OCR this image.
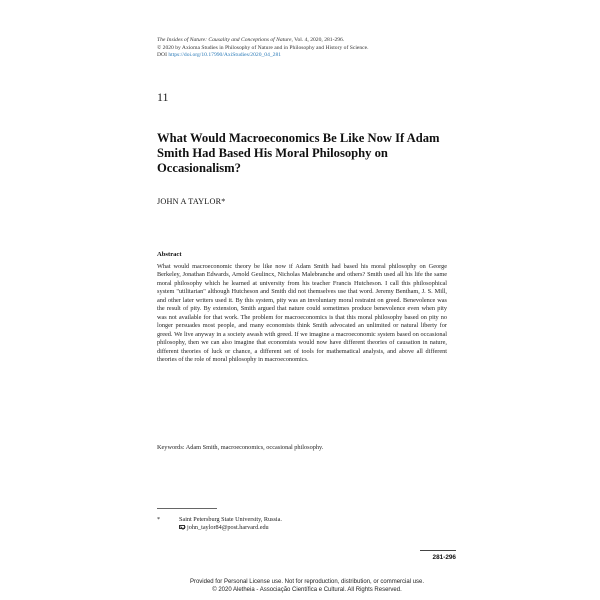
The Insides of Nature: Causality and Conceptions of Nature, Vol. 4, 2020, 281-296.
© 2020 by Axioma Studies in Philosophy of Nature and in Philosophy and History of Science.
DOI https://doi.org/10.17990/AxiStudies/2020_04_281
11
What Would Macroeconomics Be Like Now If Adam Smith Had Based His Moral Philosophy on Occasionalism?
JOHN A TAYLOR*
Abstract

What would macroeconomic theory be like now if Adam Smith had based his moral philosophy on George Berkeley, Jonathan Edwards, Arnold Geulincx, Nicholas Malebranche and others? Smith used all his life the same moral philosophy which he learned at university from his teacher Francis Hutcheson. I call this philosophical system "utilitarian" although Hutcheson and Smith did not themselves use that word. Jeremy Bentham, J. S. Mill, and other later writers used it. By this system, pity was an involuntary moral restraint on greed. Benevolence was the result of pity. By extension, Smith argued that nature could sometimes produce benevolence even when pity was not available for that work. The problem for macroeconomics is that this moral philosophy based on pity no longer persuades most people, and many economists think Smith advocated an unlimited or natural liberty for greed. We live anyway in a society awash with greed. If we imagine a macroeconomic system based on occasional philosophy, then we can also imagine that economists would now have different theories of causation in nature, different theories of luck or chance, a different set of tools for mathematical analysis, and above all different theories of the role of moral philosophy in macroeconomics.

Keywords: Adam Smith, macroeconomics, occasional philosophy.
*	Saint Petersburg State University, Russia.
john_taylor84@post.harvard.edu
281-296
Provided for Personal License use. Not for reproduction, distribution, or commercial use.
© 2020 Aletheia - Associação Científica e Cultural. All Rights Reserved.
